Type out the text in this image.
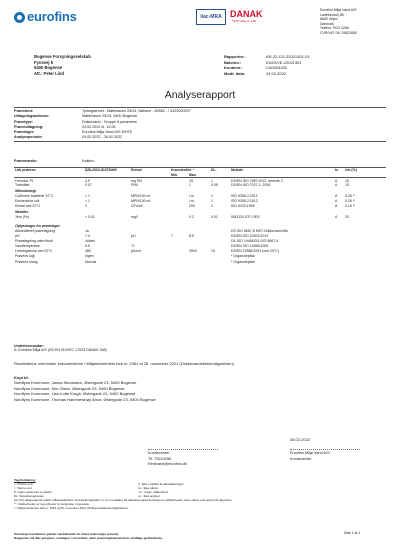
eurofins	ilac-MRA DANAK
TEST Reg.nr. 168
Eurofins Miljø Vand A/S
Ladelundvej 85
6600 Vejen
Danmark
Telefon 7022 4266
CVR/VAT DK 29622680
Bogense Forsyningsselskab
Fynsvej 5
5400 Bogense
Att.: Peter Lind
Rapportnr.:	AR-22-CG-22021301-01
Batchnr.:	EUDKVE-22021301
Kundenr.:	CA0004432
Modt. dato:	24.02.2022
Analyserapport
Prøvested:	Tyrsegrønnet - Møllehaven 20/24, Bøhane - 80982 - / 4423000297
Udtagningsadresse:	Møllehaven 20/24, 5400 Bogense
Prøvetype:	Drikkevand - Gruppe A parametre
Prøveudtagning:	24.02.2022 kl. 12:05
Prøvetager:	Eurofins Miljø Vand A/S WH7E
Analyseperiode:	24.02.2022 - 28.02.2022
Prøvemærke:	Køkken
Lab prøvenr:	828-2022-81076409	Enhed	Kravværdier ¹		DL.	Metode	ts	Usi (%)
			Min.	Max.				
Farvetal, Pt	4.9	mg Pt/l		15	1	DS/EN ISO 7887:2012, metode C	A	15
Turbiditet	0.07	FNU		1	0.05	DS/EN ISO 7027-1: 2016	A	15
Mikrobiologi								
Coliforme bakterier 37°C	< 1	MPN/100 ml		i.m.	1	ISO 9308-2:2012	A	0.25 ⁸⁾
Escherichia coli	< 1	MPN/100 ml		i.m.	1	ISO 9308-2:2012	A	0.25 ⁸⁾
Kimtal ved 22°C	1	CFU/ml		200	1	ISO 6222:1999	A	0.15 ⁸⁾
Metaller								
Jern (Fe)	< 0.01	mg/l		0.2	0.01	SM3120 ICP-OES	A	20

Oplysninger fra prøvetager								
Akkrediteret prøvetagning	Ja					DS ISO 5667-5 MST-Drikkevand.Min		
pH	7.4	pH	7	8.5		DS/EN ISO 10523:2012		
Prøvetagning uden flush	Udført					DS ISO 19458:DS ISO 5667-5		
Vandtemperatur	9.9	°C				DS/EN ISO 19458:2006		
Ledningsevne ved 20°C	480	µS/cm		2500	15	DS/EN 27888:2003 (ved 20°C)		
Prøvens lugt	Ingen					* Organoleptisk		
Prøvens smag	Normal					* Organoleptisk		
Underleverandør:
A: Eurofins Miljø A/S (DS EN ISO/IEC 17025 DANAK 168)
Resultaterne overholder kravværdierne i Miljøministeriets bek.nr. 2361 af 26. november 2021 (Drikkevandsbekendtgørelsen).
Kopi til:
Nordfyns Kommune, Janna Nicolaisen, Østergade 23, 5400 Bogense
Nordfyns Kommune, Kim Olsen, Østergade 23, 5400 Bogense
Nordfyns Kommune, Lise-Lotte Kragh, Østergade 23, 5400 Bogense
Nordfyns Kommune, Thomas Hammershøy Amor, Østergade 23, 5400 Bogense
28.02.2022
Kundecenter
Tlf. 70224256
Rentvand@eurofins.dk
Eurofins Miljø Vand A/S
Kundecenter
Tegnforklaring:
<: Mindre end
>: Større end
#: Ingen parametre er påvist
DL: Detektionsgrænse
*): Ikke omfattet af akkrediteringen
i.p.: Ikke påvist
i.m.: Ingen måleenhed
u.i.: Ikke angivet
Usi (%): Ekspanderet relativ måleusikkerhed med dækningsfaktor 2. For resultater på detektionsgrænseniveau er usikkerheden være større end oplyst på rapporten.
⁸⁾: Usikkerheden er log-enheder for angivelse i log-scala.
¹⁾: Miljøministeriets bek.nr. 2361 af 26. november 2021 (Drikkevandsbekendtgørelsen).
Prøvningsresultaterne gælder udelukkende for de(n) undersøgte prøve(r).
Rapporten må ikke gengives, undtagen i sin helhed, uden prøvningslaboratoriets skriftlige godkendelse.
Side 1 af 1
